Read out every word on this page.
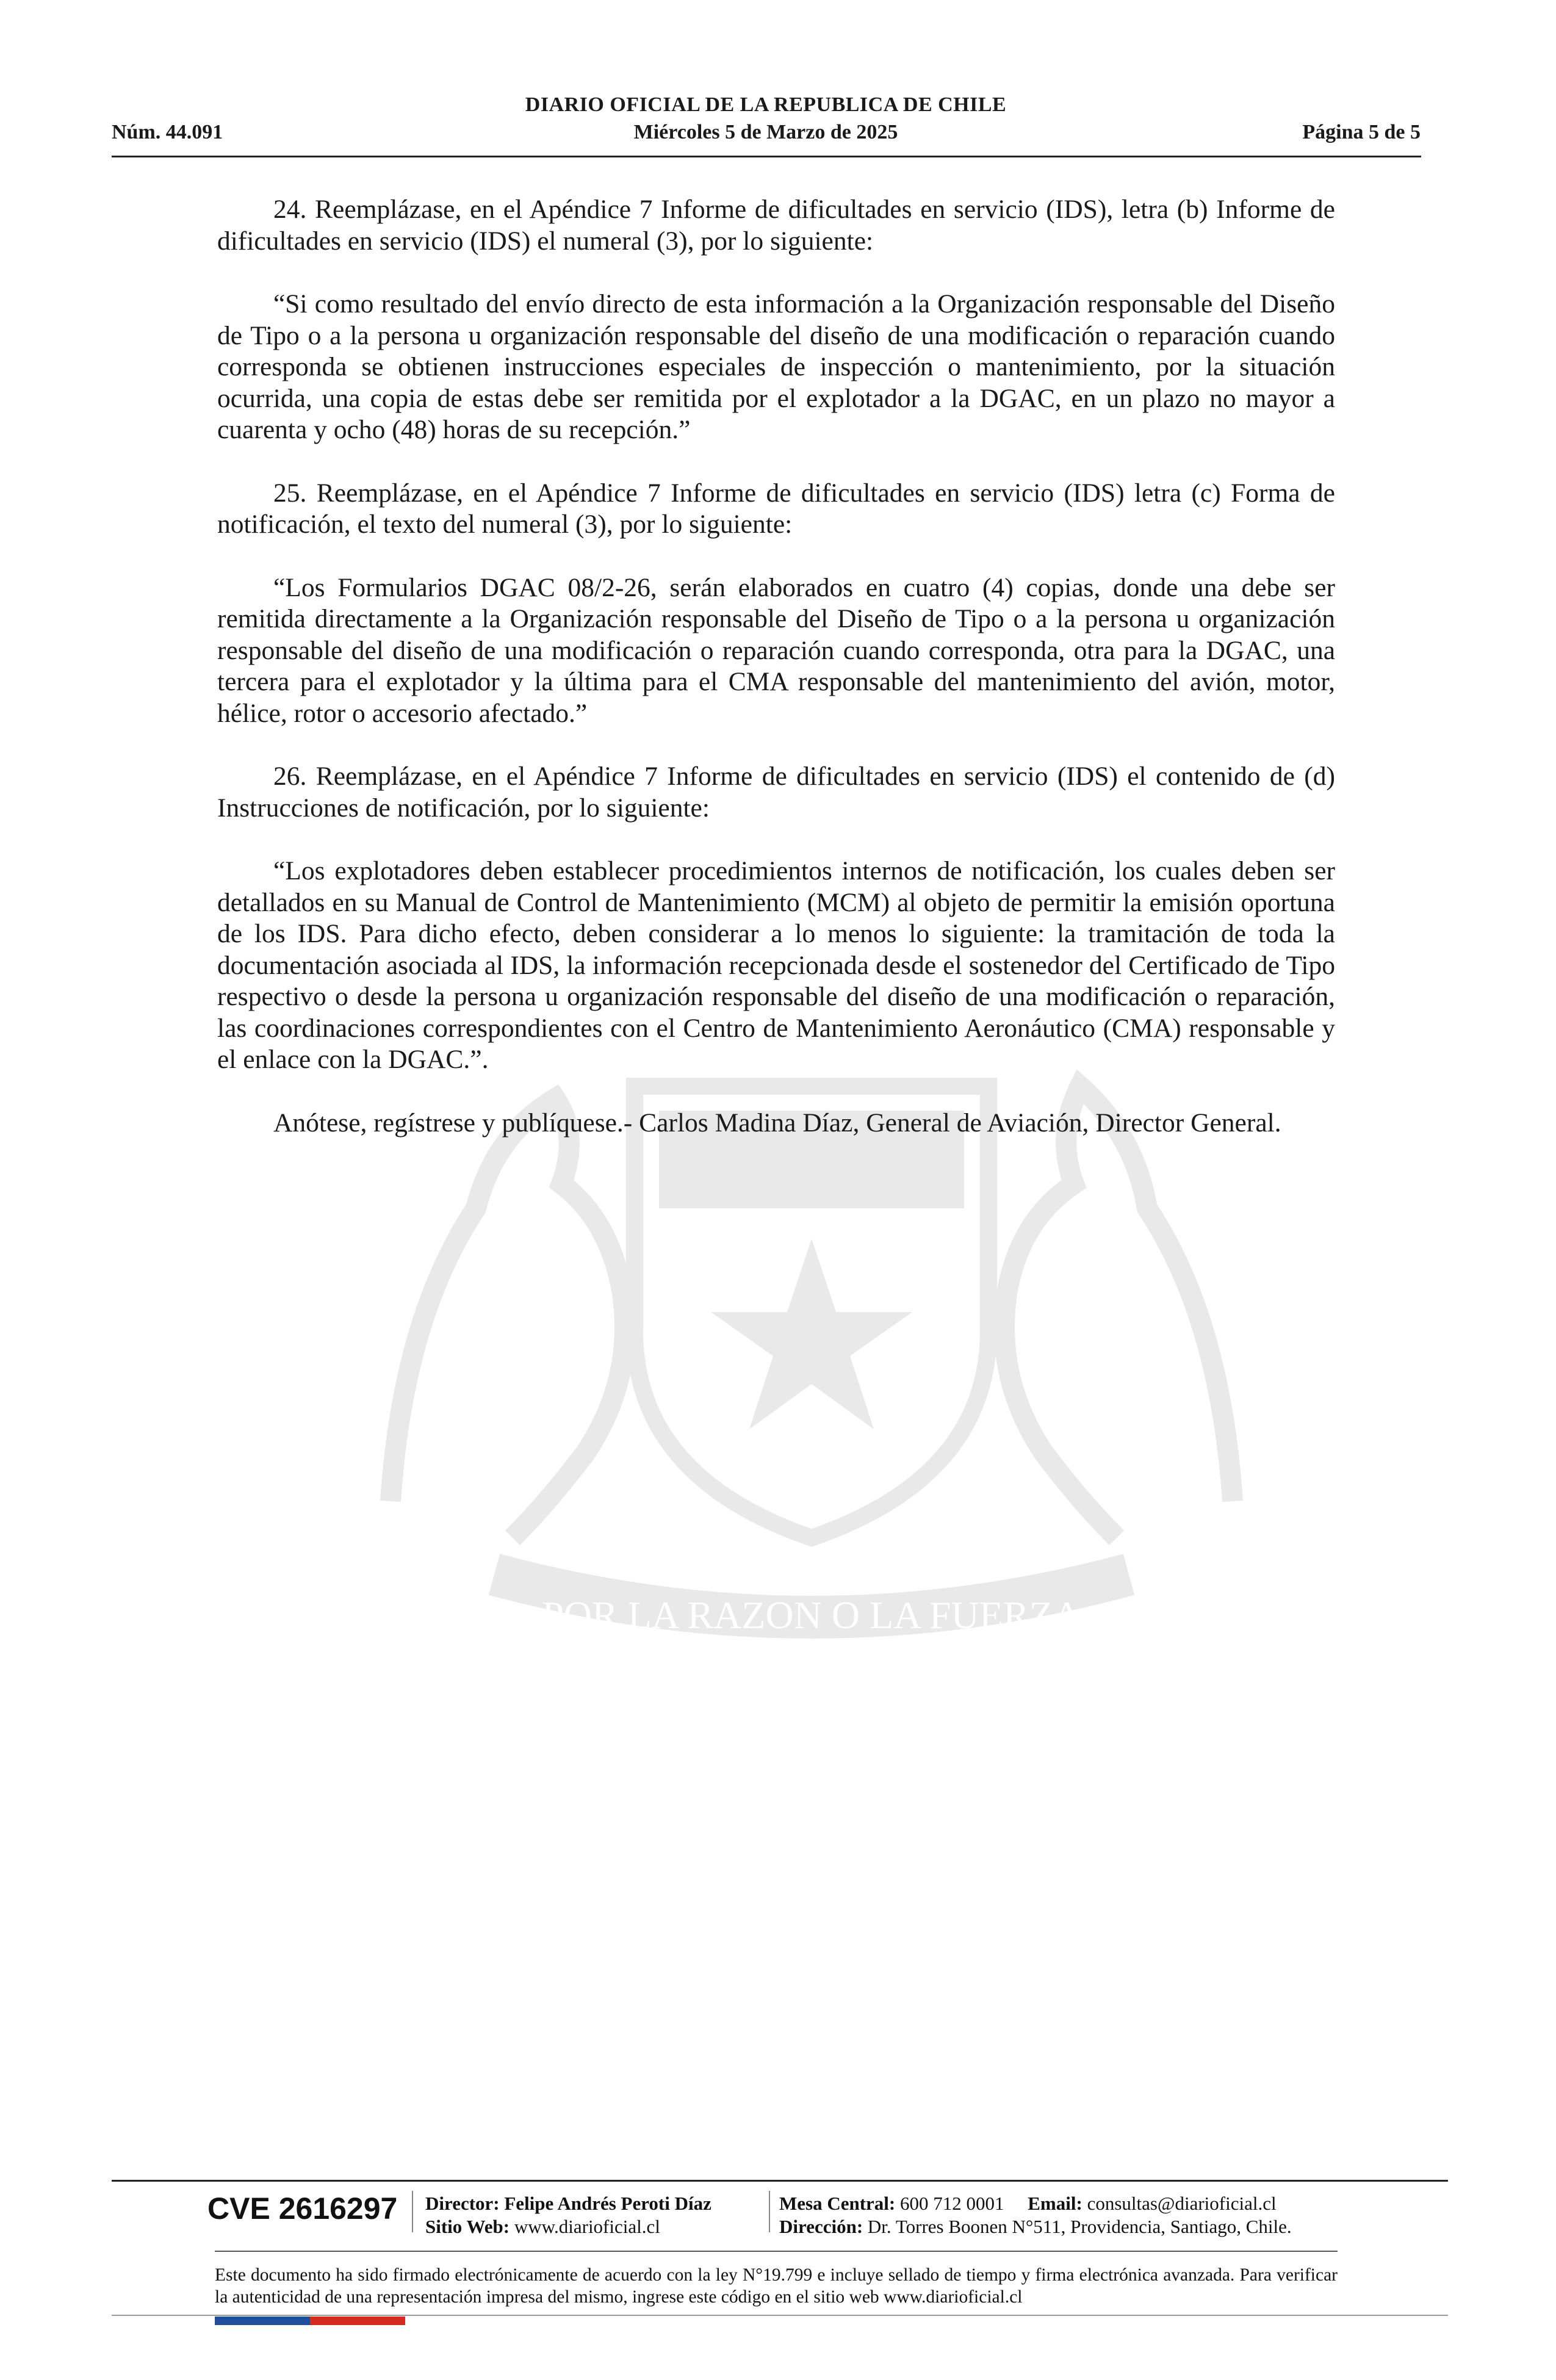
DIARIO OFICIAL DE LA REPUBLICA DE CHILE
Núm. 44.091	Miércoles 5 de Marzo de 2025	Página 5 de 5
POR LA RAZON O LA FUERZA

24. Reemplázase, en el Apéndice 7 Informe de dificultades en servicio (IDS), letra (b) Informe de dificultades en servicio (IDS) el numeral (3), por lo siguiente:

“Si como resultado del envío directo de esta información a la Organización responsable del Diseño de Tipo o a la persona u organización responsable del diseño de una modificación o reparación cuando corresponda se obtienen instrucciones especiales de inspección o mantenimiento, por la situación ocurrida, una copia de estas debe ser remitida por el explotador a la DGAC, en un plazo no mayor a cuarenta y ocho (48) horas de su recepción.”

25. Reemplázase, en el Apéndice 7 Informe de dificultades en servicio (IDS) letra (c) Forma de notificación, el texto del numeral (3), por lo siguiente:

“Los Formularios DGAC 08/2-26, serán elaborados en cuatro (4) copias, donde una debe ser remitida directamente a la Organización responsable del Diseño de Tipo o a la persona u organización responsable del diseño de una modificación o reparación cuando corresponda, otra para la DGAC, una tercera para el explotador y la última para el CMA responsable del mantenimiento del avión, motor, hélice, rotor o accesorio afectado.”

26. Reemplázase, en el Apéndice 7 Informe de dificultades en servicio (IDS) el contenido de (d) Instrucciones de notificación, por lo siguiente:

“Los explotadores deben establecer procedimientos internos de notificación, los cuales deben ser detallados en su Manual de Control de Mantenimiento (MCM) al objeto de permitir la emisión oportuna de los IDS. Para dicho efecto, deben considerar a lo menos lo siguiente: la tramitación de toda la documentación asociada al IDS, la información recepcionada desde el sostenedor del Certificado de Tipo respectivo o desde la persona u organización responsable del diseño de una modificación o reparación, las coordinaciones correspondientes con el Centro de Mantenimiento Aeronáutico (CMA) responsable y el enlace con la DGAC.”.

Anótese, regístrese y publíquese.- Carlos Madina Díaz, General de Aviación, Director General.

CVE 2616297 Director: Felipe Andrés Peroti Díaz
Sitio Web: www.diarioficial.cl
Mesa Central: 600 712 0001 Email: consultas@diarioficial.cl
Dirección: Dr. Torres Boonen N°511, Providencia, Santiago, Chile.
Este documento ha sido firmado electrónicamente de acuerdo con la ley N°19.799 e incluye sellado de tiempo y firma electrónica avanzada. Para verificar la autenticidad de una representación impresa del mismo, ingrese este código en el sitio web www.diarioficial.cl
